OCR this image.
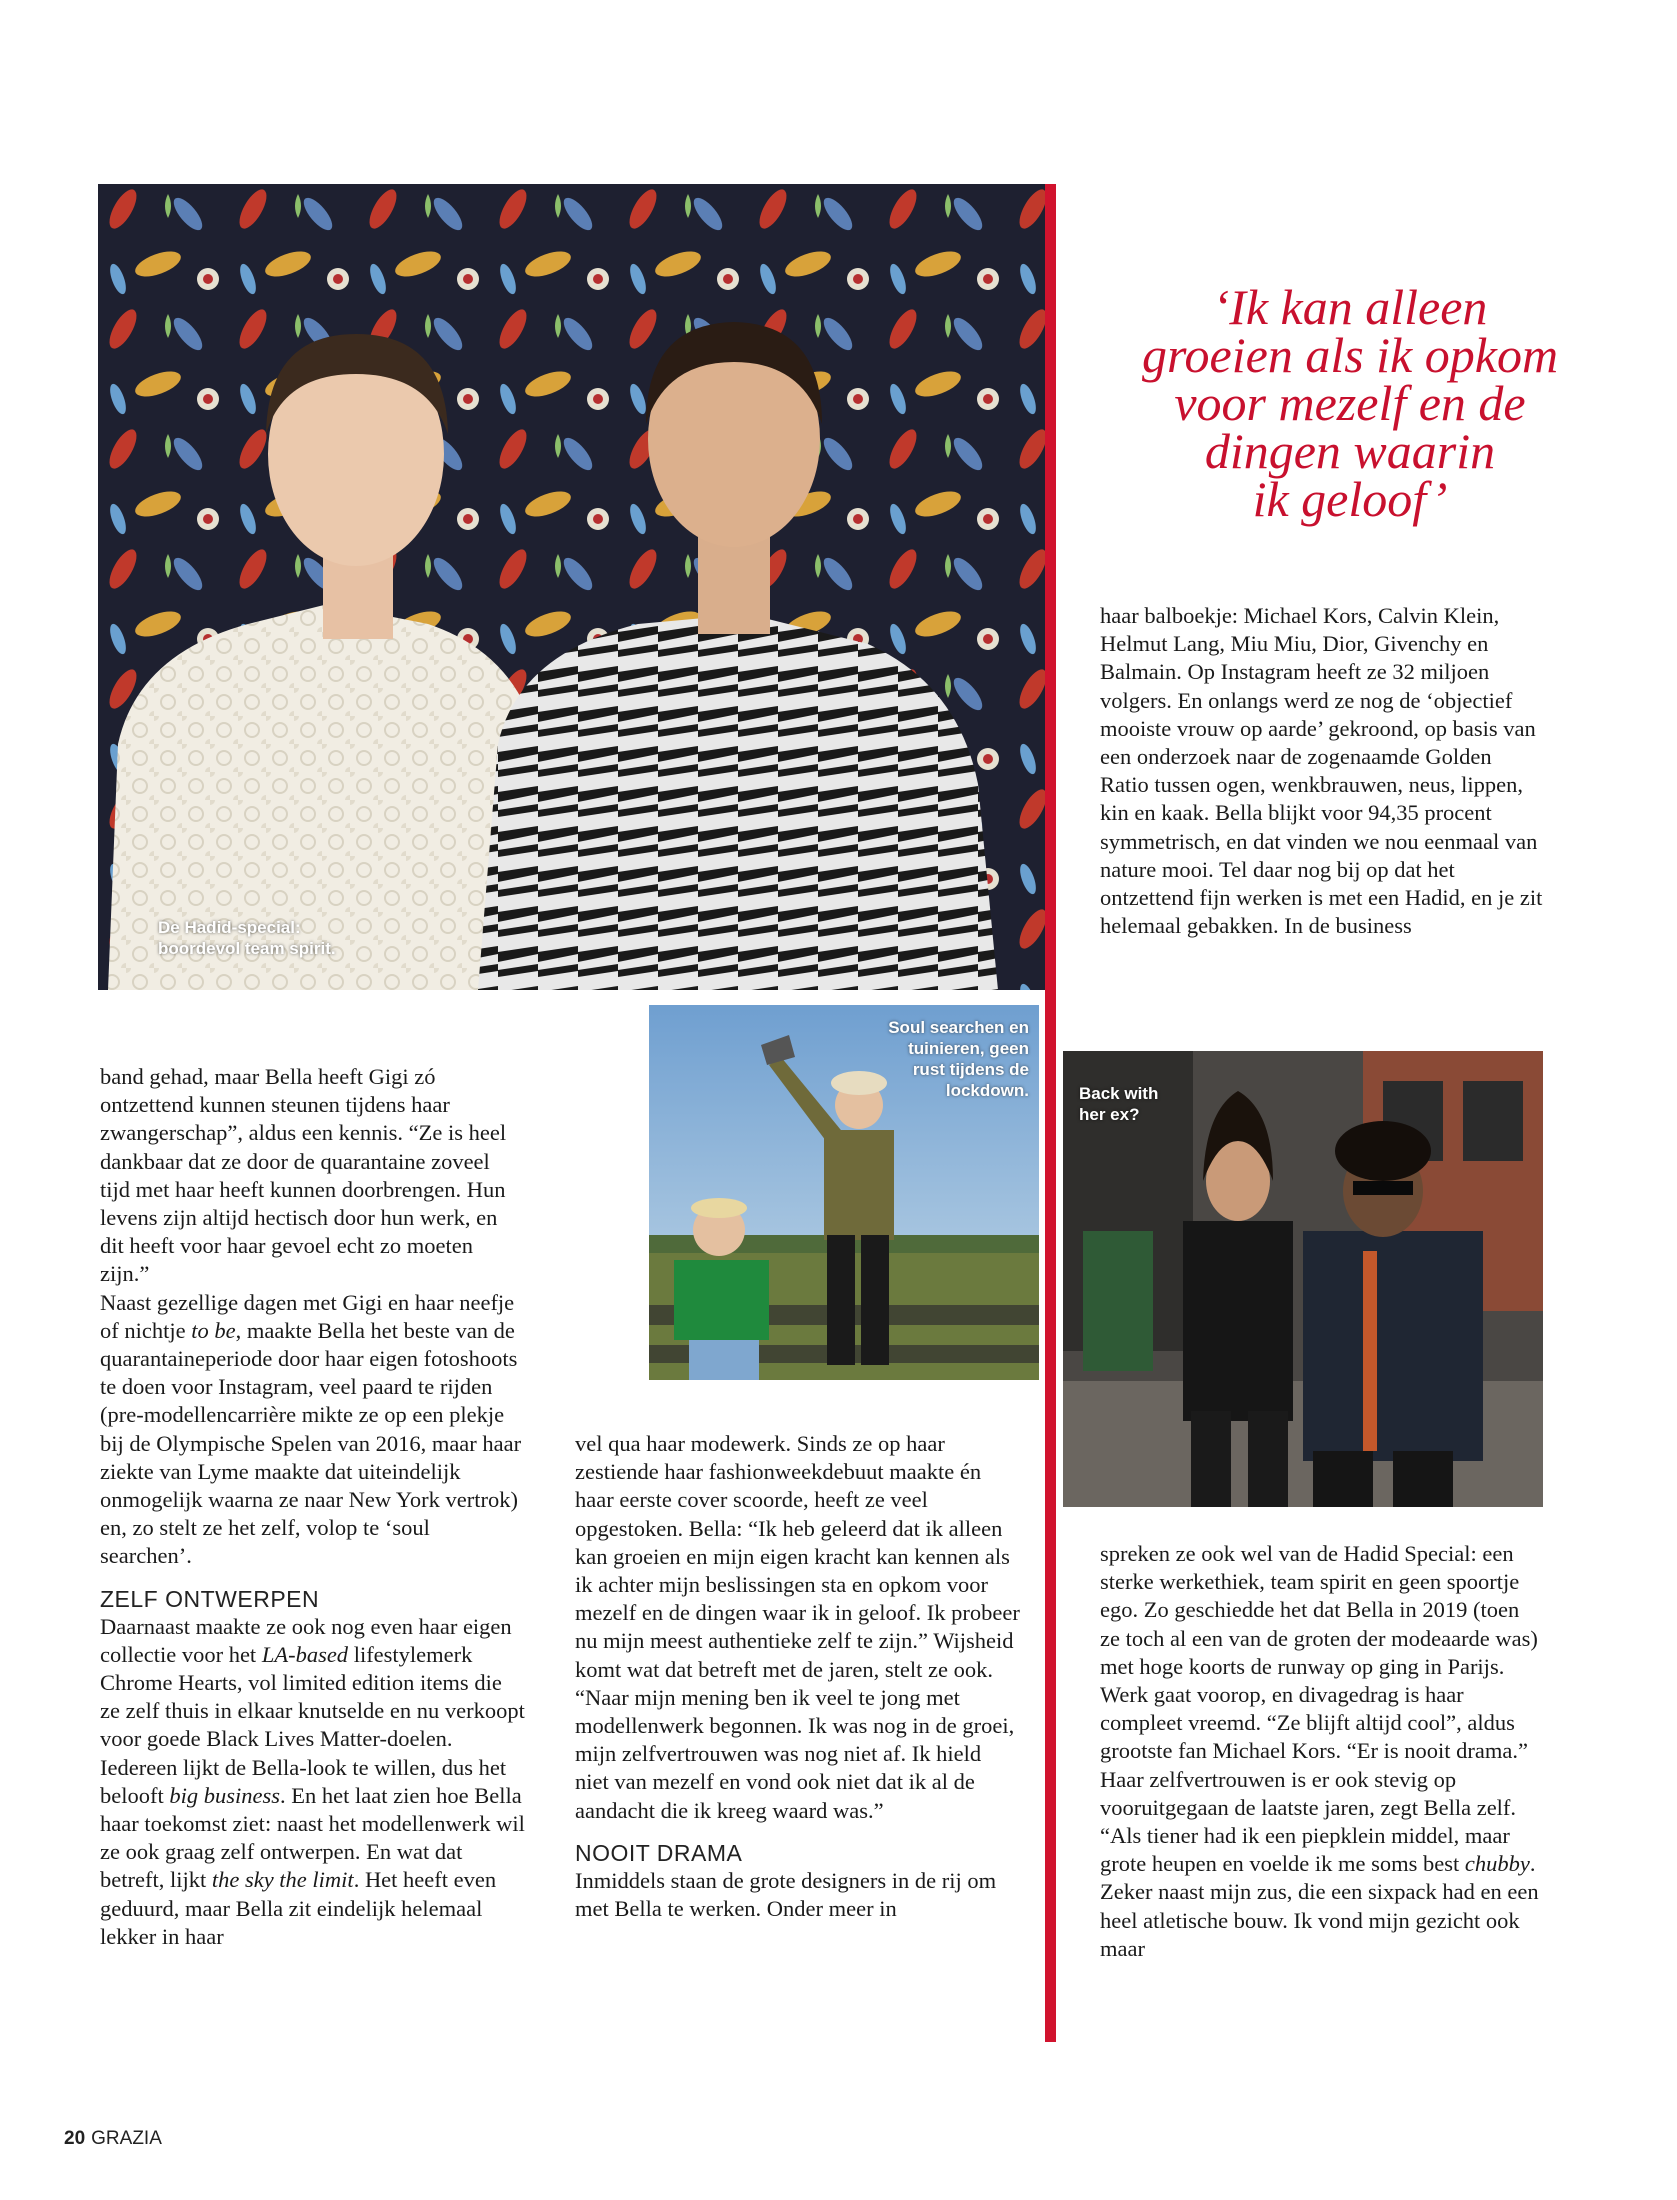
De Hadid-special:
boordevol team spirit.
‘Ik kan alleen
groeien als ik opkom
voor mezelf en de
dingen waarin
ik geloof’

haar balboekje: Michael Kors, Calvin Klein, Helmut Lang, Miu Miu, Dior, Givenchy en Balmain. Op Instagram heeft ze 32 miljoen volgers. En onlangs werd ze nog de ‘objectief mooiste vrouw op aarde’ gekroond, op basis van een onderzoek naar de zogenaamde Golden Ratio tussen ogen, wenkbrauwen, neus, lippen, kin en kaak. Bella blijkt voor 94,35 procent symmetrisch, en dat vinden we nou eenmaal van nature mooi. Tel daar nog bij op dat het ontzettend fijn werken is met een Hadid, en je zit helemaal gebakken. In de business

Soul searchen en
tuinieren, geen
rust tijdens de
lockdown.	Back with
her ex?

band gehad, maar Bella heeft Gigi zó ontzettend kunnen steunen tijdens haar zwangerschap”, aldus een kennis. “Ze is heel dankbaar dat ze door de quarantaine zoveel tijd met haar heeft kunnen doorbrengen. Hun levens zijn altijd hectisch door hun werk, en dit heeft voor haar gevoel echt zo moeten zijn.”

Naast gezellige dagen met Gigi en haar neefje of nichtje to be, maakte Bella het beste van de quarantaineperiode door haar eigen fotoshoots te doen voor Instagram, veel paard te rijden (pre-modellencarrière mikte ze op een plekje bij de Olympische Spelen van 2016, maar haar ziekte van Lyme maakte dat uiteindelijk onmogelijk waarna ze naar New York vertrok) en, zo stelt ze het zelf, volop te ‘soul searchen’.

ZELF ONTWERPEN

Daarnaast maakte ze ook nog even haar eigen collectie voor het LA-based lifestylemerk Chrome Hearts, vol limited edition items die ze zelf thuis in elkaar knutselde en nu verkoopt voor goede Black Lives Matter-doelen. Iedereen lijkt de Bella-look te willen, dus het belooft big business. En het laat zien hoe Bella haar toekomst ziet: naast het modellenwerk wil ze ook graag zelf ontwerpen. En wat dat betreft, lijkt the sky the limit. Het heeft even geduurd, maar Bella zit eindelijk helemaal lekker in haar

vel qua haar modewerk. Sinds ze op haar zestiende haar fashionweekdebuut maakte én haar eerste cover scoorde, heeft ze veel opgestoken. Bella: “Ik heb geleerd dat ik alleen kan groeien en mijn eigen kracht kan kennen als ik achter mijn beslissingen sta en opkom voor mezelf en de dingen waar ik in geloof. Ik probeer nu mijn meest authentieke zelf te zijn.” Wijsheid komt wat dat betreft met de jaren, stelt ze ook. “Naar mijn mening ben ik veel te jong met modellenwerk begonnen. Ik was nog in de groei, mijn zelfvertrouwen was nog niet af. Ik hield niet van mezelf en vond ook niet dat ik al de aandacht die ik kreeg waard was.”

NOOIT DRAMA

Inmiddels staan de grote designers in de rij om met Bella te werken. Onder meer in

spreken ze ook wel van de Hadid Special: een sterke werkethiek, team spirit en geen spoortje ego. Zo geschiedde het dat Bella in 2019 (toen ze toch al een van de groten der modeaarde was) met hoge koorts de runway op ging in Parijs. Werk gaat voorop, en divagedrag is haar compleet vreemd. “Ze blijft altijd cool”, aldus grootste fan Michael Kors. “Er is nooit drama.”

Haar zelfvertrouwen is er ook stevig op vooruitgegaan de laatste jaren, zegt Bella zelf. “Als tiener had ik een piepklein middel, maar grote heupen en voelde ik me soms best chubby. Zeker naast mijn zus, die een sixpack had en een heel atletische bouw. Ik vond mijn gezicht ook maar

20 GRAZIA
